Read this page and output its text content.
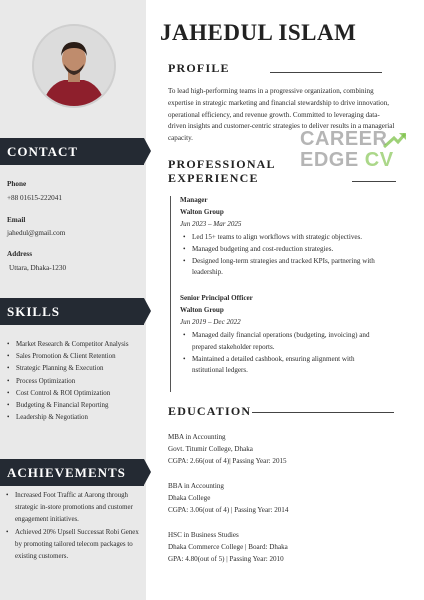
CONTACT
Phone
+88 01615-222041
Email
jahedul@gmail.com
Address
Uttara, Dhaka-1230
SKILLS
• Market Research & Competitor Analysis
• Sales Promotion & Client Retention
• Strategic Planning & Execution
• Process Optimization
• Cost Control & ROI Optimization
• Budgeting & Financial Reporting
• Leadership & Negotiation
ACHIEVEMENTS
• Increased Foot Traffic at Aarong through strategic in-store promotions and customer engagement initiatives.
• Achieved 20% Upsell Successat Robi Genex by promoting tailored telecom packages to existing customers.
JAHEDUL ISLAM
PROFILE
To lead high-performing teams in a progressive organization, combining expertise in strategic marketing and financial stewardship to drive innovation, operational efficiency, and revenue growth. Committed to leveraging data-driven insights and customer-centric strategies to deliver results in a managerial capacity.	CAREER
EDGE CV
PROFESSIONAL
EXPERIENCE
Manager
Walton Group
Jun 2023 – Mar 2025
• Led 15+ teams to align workflows with strategic objectives.
• Managed budgeting and cost-reduction strategies.
• Designed long-term strategies and tracked KPIs, partnering with leadership.
Senior Principal Officer
Walton Group
Jun 2019 – Dec 2022
• Managed daily financial operations (budgeting, invoicing) and prepared stakeholder reports.
• Maintained a detailed cashbook, ensuring alignment with nstitutional ledgers.
EDUCATION
MBA in Accounting
Govt. Titumir College, Dhaka
CGPA: 2.66(out of 4)| Passing Year: 2015
BBA in Accounting
Dhaka College
CGPA: 3.06(out of 4) | Passing Year: 2014
HSC in Business Studies
Dhaka Commerce College | Board: Dhaka
GPA: 4.80(out of 5) | Passing Year: 2010
